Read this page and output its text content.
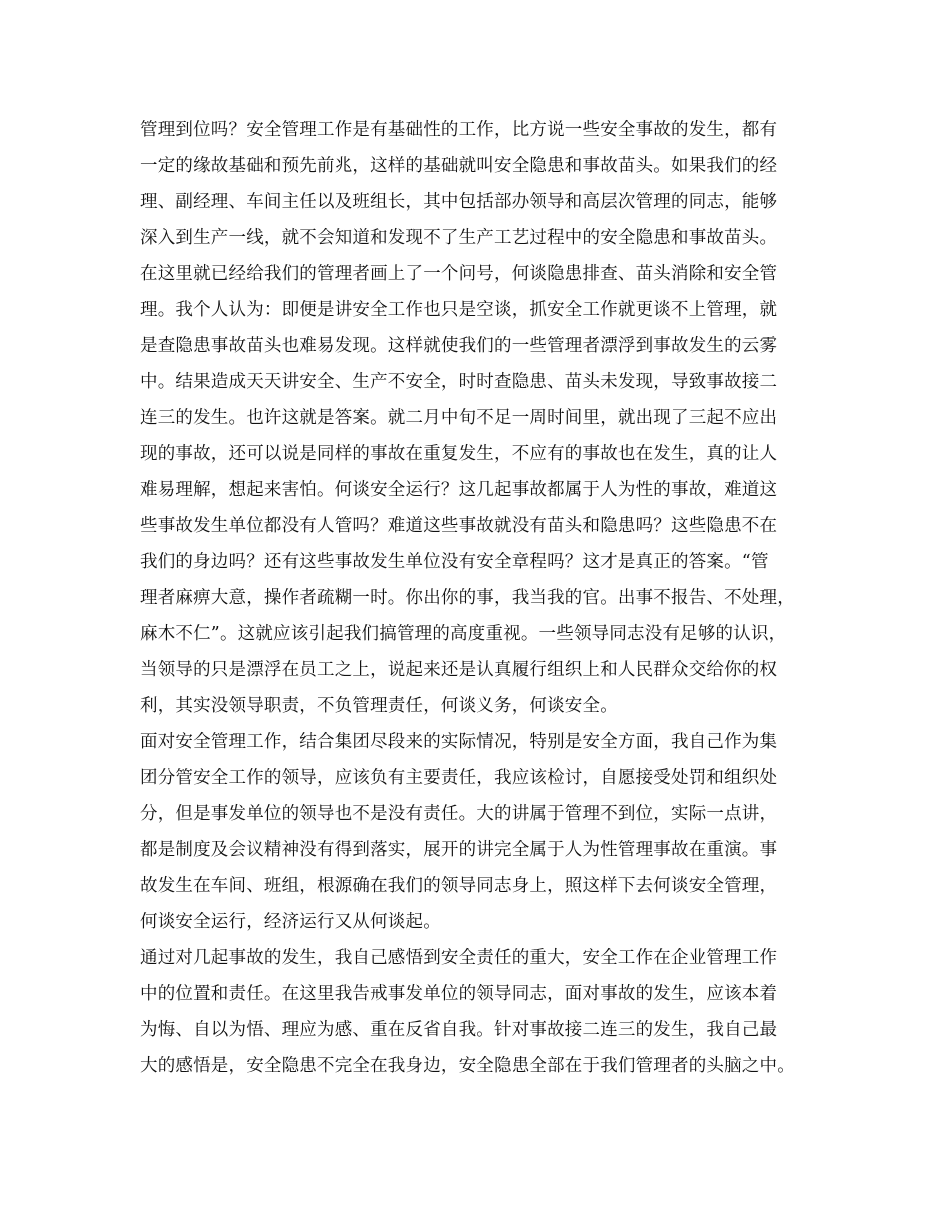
管理到位吗？安全管理工作是有基础性的工作，比方说一些安全事故的发生，都有
一定的缘故基础和预先前兆，这样的基础就叫安全隐患和事故苗头。如果我们的经
理、副经理、车间主任以及班组长，其中包括部办领导和高层次管理的同志，能够
深入到生产一线，就不会知道和发现不了生产工艺过程中的安全隐患和事故苗头。
在这里就已经给我们的管理者画上了一个问号，何谈隐患排查、苗头消除和安全管
理。我个人认为：即便是讲安全工作也只是空谈，抓安全工作就更谈不上管理，就
是查隐患事故苗头也难易发现。这样就使我们的一些管理者漂浮到事故发生的云雾
中。结果造成天天讲安全、生产不安全，时时查隐患、苗头未发现，导致事故接二
连三的发生。也许这就是答案。就二月中旬不足一周时间里，就出现了三起不应出
现的事故，还可以说是同样的事故在重复发生，不应有的事故也在发生，真的让人
难易理解，想起来害怕。何谈安全运行？这几起事故都属于人为性的事故，难道这
些事故发生单位都没有人管吗？难道这些事故就没有苗头和隐患吗？这些隐患不在
我们的身边吗？还有这些事故发生单位没有安全章程吗？这才是真正的答案。“管
理者麻痹大意，操作者疏糊一时。你出你的事，我当我的官。出事不报告、不处理，
麻木不仁”。这就应该引起我们搞管理的高度重视。一些领导同志没有足够的认识，
当领导的只是漂浮在员工之上，说起来还是认真履行组织上和人民群众交给你的权
利，其实没领导职责，不负管理责任，何谈义务，何谈安全。
面对安全管理工作，结合集团尽段来的实际情况，特别是安全方面，我自己作为集
团分管安全工作的领导，应该负有主要责任，我应该检讨，自愿接受处罚和组织处
分，但是事发单位的领导也不是没有责任。大的讲属于管理不到位，实际一点讲，
都是制度及会议精神没有得到落实，展开的讲完全属于人为性管理事故在重演。事
故发生在车间、班组，根源确在我们的领导同志身上，照这样下去何谈安全管理，
何谈安全运行，经济运行又从何谈起。
通过对几起事故的发生，我自己感悟到安全责任的重大，安全工作在企业管理工作
中的位置和责任。在这里我告戒事发单位的领导同志，面对事故的发生，应该本着
为悔、自以为悟、理应为感、重在反省自我。针对事故接二连三的发生，我自己最
大的感悟是，安全隐患不完全在我身边，安全隐患全部在于我们管理者的头脑之中。
